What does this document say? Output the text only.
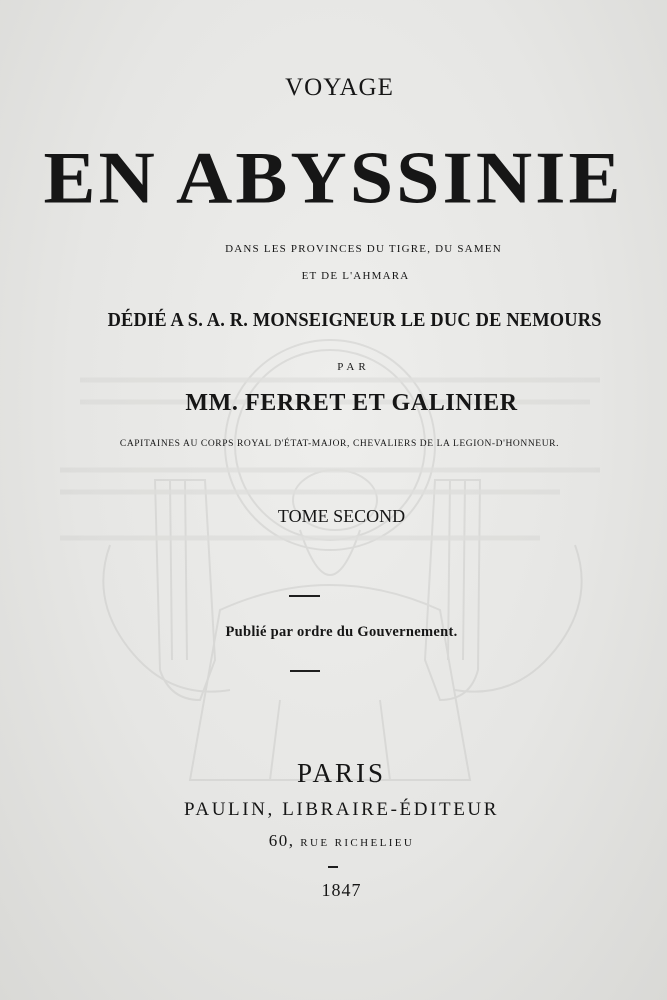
VOYAGE
EN ABYSSINIE
DANS LES PROVINCES DU TIGRE, DU SAMEN
ET DE L'AHMARA
DÉDIÉ A S. A. R. MONSEIGNEUR LE DUC DE NEMOURS
PAR
MM. FERRET ET GALINIER
CAPITAINES AU CORPS ROYAL D'ÉTAT-MAJOR, CHEVALIERS DE LA LEGION-D'HONNEUR.
TOME SECOND
Publié par ordre du Gouvernement.
PARIS
PAULIN, LIBRAIRE-ÉDITEUR
60, RUE RICHELIEU
1847
